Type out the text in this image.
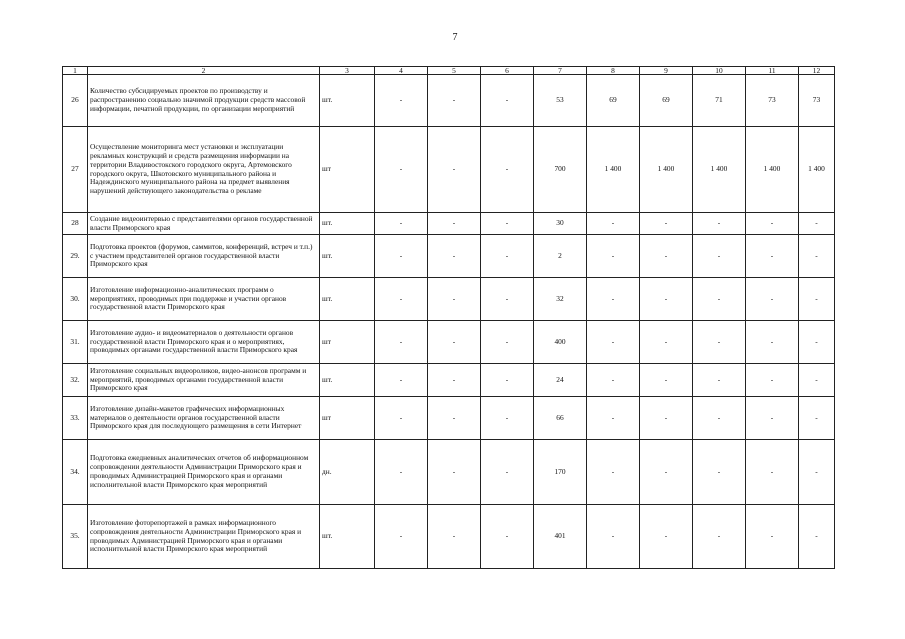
7
1	2	3	4	5	6	7	8	9	10	11	12
26	Количество субсидируемых проектов по производству и распространению социально значимой продукции средств массовой информации, печатной продукции, по организации мероприятий	шт.	-	-	-	53	69	69	71	73	73
27	Осуществление мониторинга мест установки и эксплуатации рекламных конструкций и средств размещения информации на территории Владивостокского городского округа, Артемовского городского округа, Шкотовского муниципального района и Надеждинского муниципального района на предмет выявления нарушений действующего законодательства о рекламе	шт	-	-	-	700	1 400	1 400	1 400	1 400	1 400
28	Создание видеоинтервью с представителями органов государственной власти Приморского края	шт.	-	-	-	30	-	-	-	-	-
29.	Подготовка проектов (форумов, саммитов, конференций, встреч и т.п.) с участием представителей органов государственной власти Приморского края	шт.	-	-	-	2	-	-	-	-	-
30.	Изготовление информационно-аналитических программ о мероприятиях, проводимых при поддержке и участии органов государственной власти Приморского края	шт.	-	-	-	32	-	-	-	-	-
31.	Изготовление аудио- и видеоматериалов о деятельности органов государственной власти Приморского края и о мероприятиях, проводимых органами государственной власти Приморского края	шт	-	-	-	400	-	-	-	-	-
32.	Изготовление социальных видеороликов, видео-анонсов программ и мероприятий, проводимых органами государственной власти Приморского края	шт.	-	-	-	24	-	-	-	-	-
33.	Изготовление дизайн-макетов графических информационных материалов о деятельности органов государственной власти Приморского края для последующего размещения в сети Интернет	шт	-	-	-	66	-	-	-	-	-
34.	Подготовка ежедневных аналитических отчетов об информационном сопровождении деятельности Администрации Приморского края и проводимых Администрацией Приморского края и органами исполнительной власти Приморского края мероприятий	дн.	-	-	-	170	-	-	-	-	-
35.	Изготовление фоторепортажей в рамках информационного сопровождения деятельности Администрации Приморского края и проводимых Администрацией Приморского края и органами исполнительной власти Приморского края мероприятий	шт.	-	-	-	401	-	-	-	-	-
